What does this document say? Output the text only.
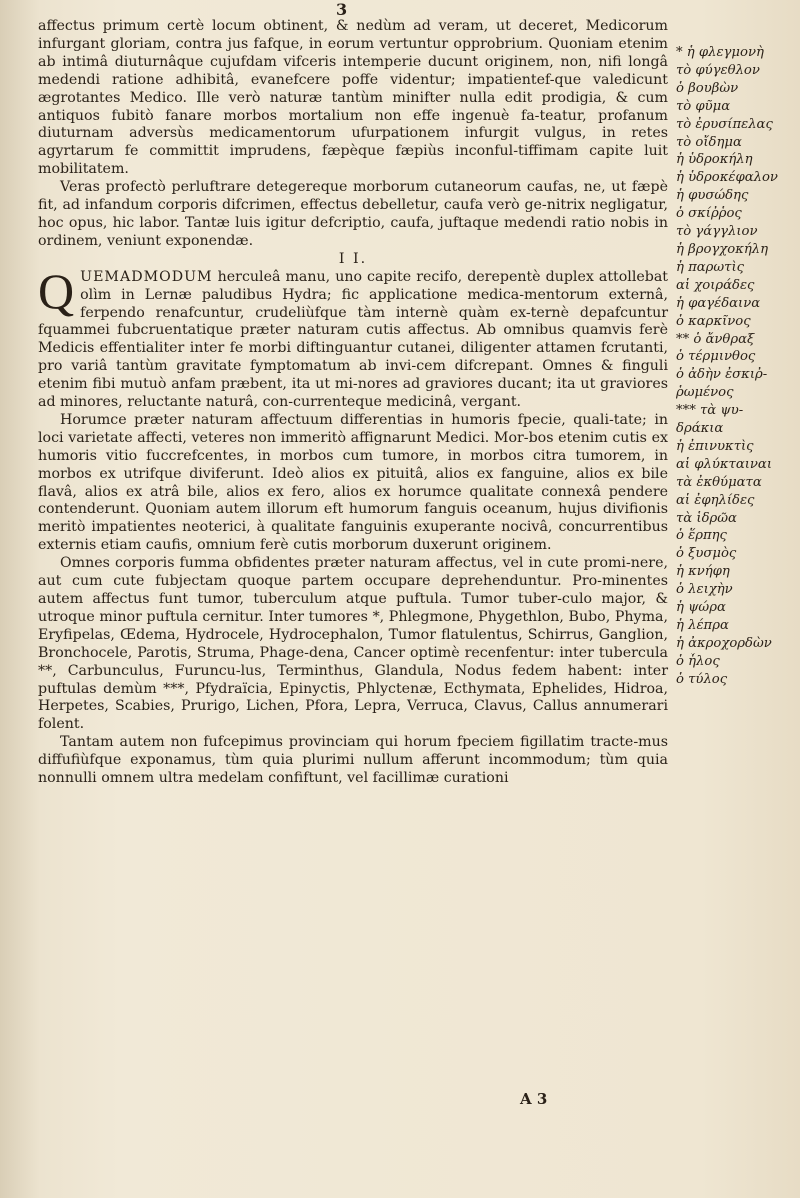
3

affectus primum certè locum obtinent, & nedùm ad veram, ut deceret, Medicorum infurgant gloriam, contra jus fafque, in eorum vertuntur opprobrium. Quoniam etenim ab intimâ diuturnâque cujufdam vifceris intemperie ducunt originem, non, nifi longâ medendi ratione adhibitâ, evanefcere poffe videntur; impatientef-que valedicunt ægrotantes Medico. Ille verò naturæ tantùm minifter nulla edit prodigia, & cum antiquos fubitò fanare morbos mortalium non effe ingenuè fa-teatur, profanum diuturnam adversùs medicamentorum ufurpationem infurgit vulgus, in retes agyrtarum fe committit imprudens, fæpèque fæpiùs inconful-tiffimam capite luit mobilitatem.

Veras profectò perluftrare detegereque morborum cutaneorum caufas, ne, ut fæpè fit, ad infandum corporis difcrimen, effectus debelletur, caufa verò ge-nitrix negligatur, hoc opus, hic labor. Tantæ luis igitur defcriptio, caufa, juftaque medendi ratio nobis in ordinem, veniunt exponendæ.

I I.

QUEMADMODUM herculeâ manu, uno capite recifo, derepentè duplex attollebat olìm in Lernæ paludibus Hydra; fic applicatione medica-mentorum externâ, ferpendo renafcuntur, crudeliùfque tàm internè quàm ex-ternè depafcuntur fquammei fubcruentatique præter naturam cutis affectus. Ab omnibus quamvis ferè Medicis effentialiter inter fe morbi diftinguantur cutanei, diligenter attamen fcrutanti, pro variâ tantùm gravitate fymptomatum ab invi-cem difcrepant. Omnes & finguli etenim fibi mutuò anfam præbent, ita ut mi-nores ad graviores ducant; ita ut graviores ad minores, reluctante naturâ, con-currenteque medicinâ, vergant.

Horumce præter naturam affectuum differentias in humoris fpecie, quali-tate; in loci varietate affecti, veteres non immeritò affignarunt Medici. Mor-bos etenim cutis ex humoris vitio fuccrefcentes, in morbos cum tumore, in morbos citra tumorem, in morbos ex utrifque diviferunt. Ideò alios ex pituitâ, alios ex fanguine, alios ex bile flavâ, alios ex atrâ bile, alios ex fero, alios ex horumce qualitate connexâ pendere contenderunt. Quoniam autem illorum eft humorum fanguis oceanum, hujus divifionis meritò impatientes neoterici, à qualitate fanguinis exuperante nocivâ, concurrentibus externis etiam caufis, omnium ferè cutis morborum duxerunt originem.

Omnes corporis fumma obfidentes præter naturam affectus, vel in cute promi-nere, aut cum cute fubjectam quoque partem occupare deprehenduntur. Pro-minentes autem affectus funt tumor, tuberculum atque puftula. Tumor tuber-culo major, & utroque minor puftula cernitur. Inter tumores *, Phlegmone, Phygethlon, Bubo, Phyma, Eryfipelas, Œdema, Hydrocele, Hydrocephalon, Tumor flatulentus, Schirrus, Ganglion, Bronchocele, Parotis, Struma, Phage-dena, Cancer optimè recenfentur: inter tubercula **, Carbunculus, Furuncu-lus, Terminthus, Glandula, Nodus fedem habent: inter puftulas demùm ***, Pfydraïcia, Epinyctis, Phlyctenæ, Ecthymata, Ephelides, Hidroa, Herpetes, Scabies, Prurigo, Lichen, Pfora, Lepra, Verruca, Clavus, Callus annumerari folent.

Tantam autem non fufcepimus provinciam qui horum fpeciem figillatim tracte-mus diffufiùfque exponamus, tùm quia plurimi nullum afferunt incommodum; tùm quia nonnulli omnem ultra medelam confiftunt, vel facillimæ curationi

A 3
* ἡ φλεγμονὴ
τὸ φύγεθλον
ὁ βουβὼν
τὸ φῦμα
τὸ ἐρυσίπελας
τὸ οἴδημα
ἡ ὑδροκήλη
ἡ ὑδροκέφαλον
ἡ φυσώδης
ὁ σκίῤῥος
τὸ γάγγλιον
ἡ βρογχοκήλη
ἡ παρωτὶς
αἱ χοιράδες
ἡ φαγέδαινα
ὁ καρκῖνος
** ὁ ἄνθραξ
ὁ τέρμινθος
ὁ ἀδὴν ἐσκιῤ-
ῥωμένος
*** τὰ ψυ-
δράκια
ἡ ἐπινυκτὶς
αἱ φλύκταιναι
τὰ ἐκθύματα
αἱ ἐφηλίδες
τὰ ἱδρῶα
ὁ ἕρπης
ὁ ξυσμὸς
ἡ κνήφη
ὁ λειχὴν
ἡ ψώρα
ἡ λέπρα
ἡ ἀκροχορδὼν
ὁ ἧλος
ὁ τύλος
